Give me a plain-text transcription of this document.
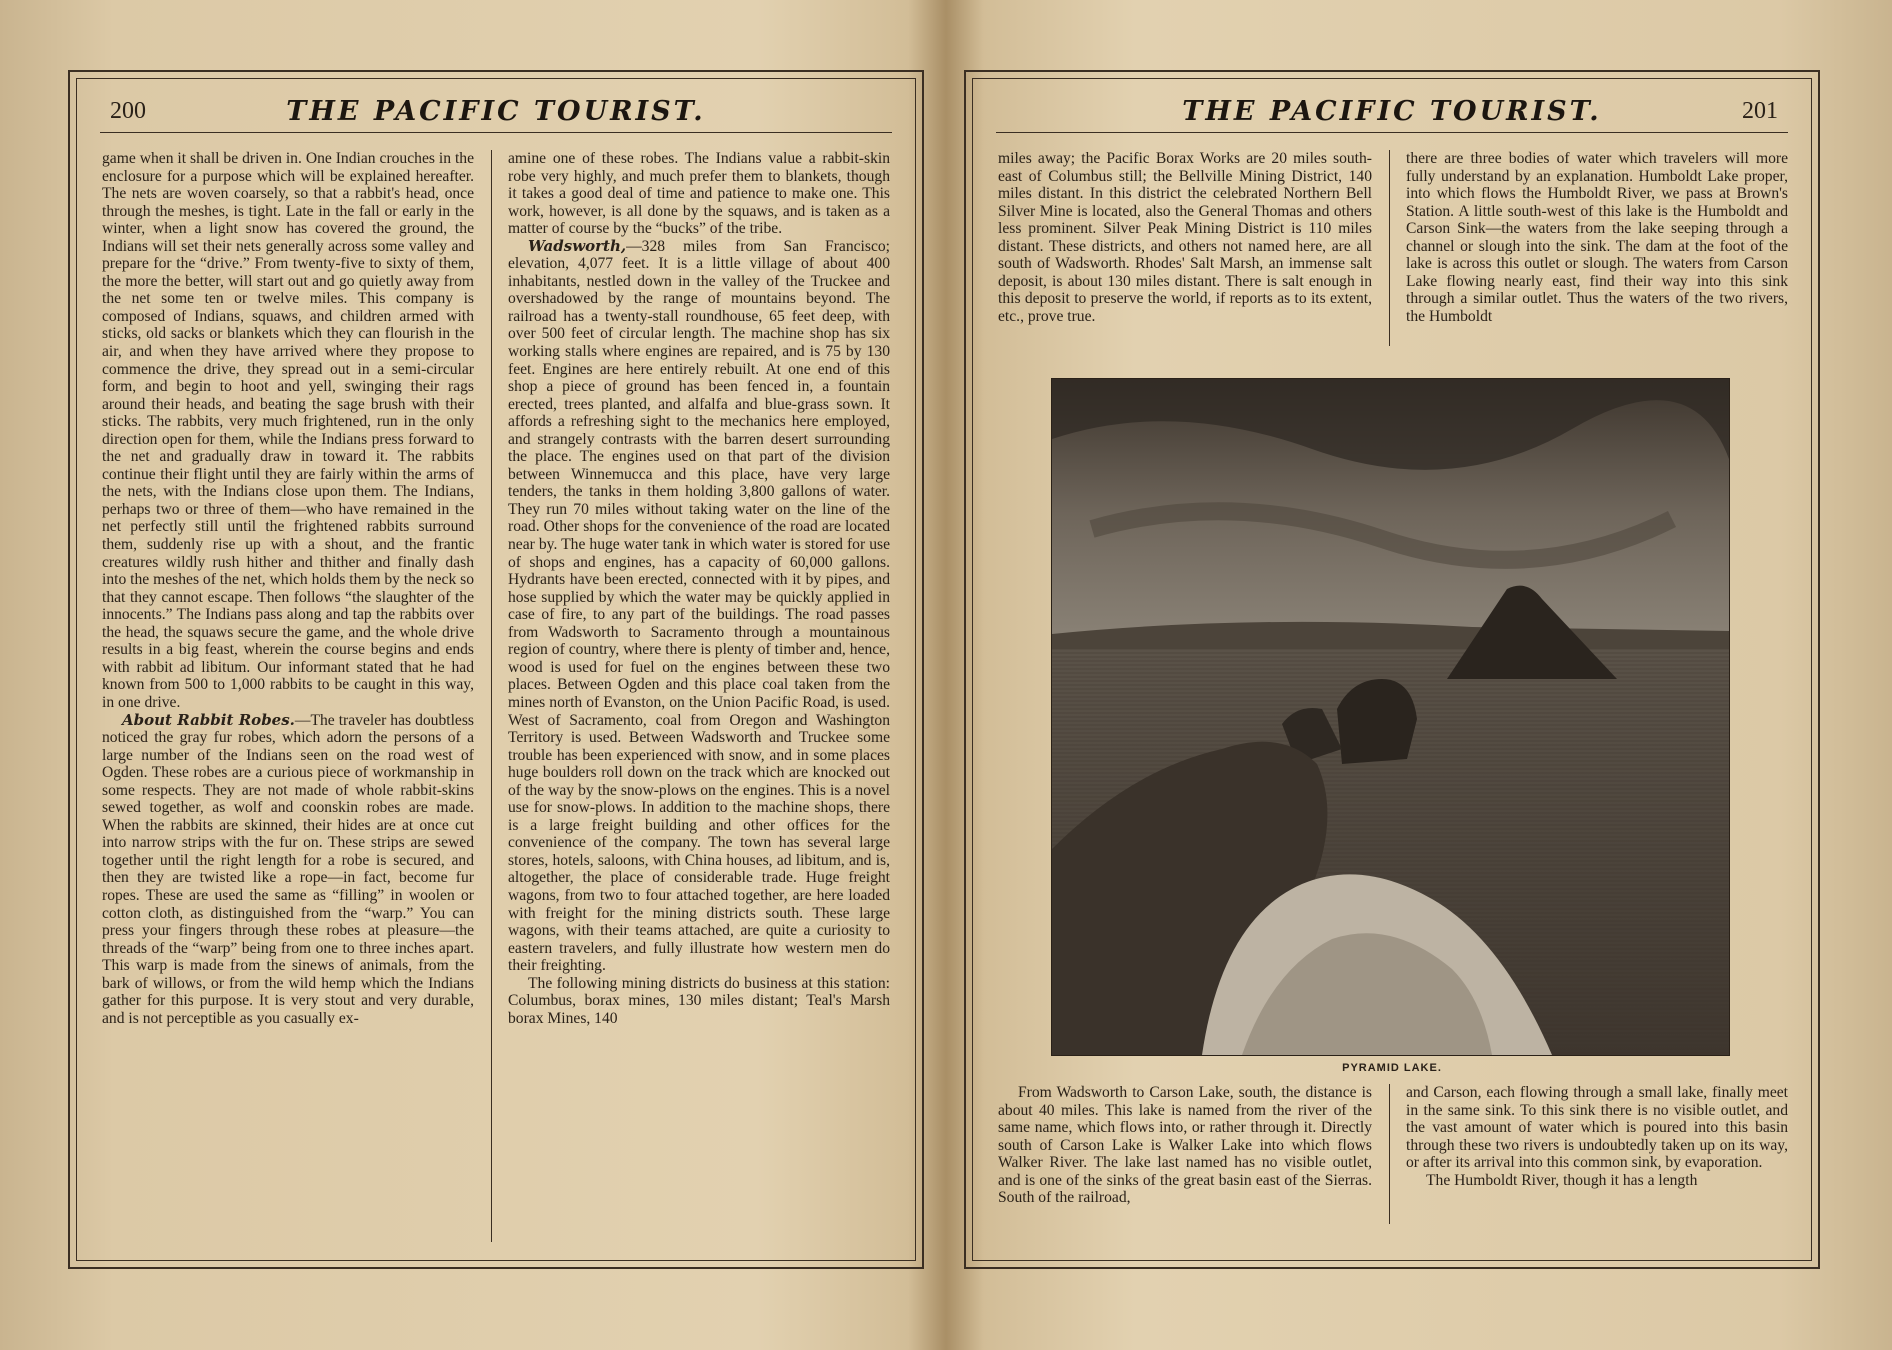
200	THE PACIFIC TOURIST.

game when it shall be driven in. One Indian crouches in the enclosure for a purpose which will be explained hereafter. The nets are woven coarsely, so that a rabbit's head, once through the meshes, is tight. Late in the fall or early in the winter, when a light snow has covered the ground, the Indians will set their nets generally across some valley and prepare for the “drive.” From twenty-five to sixty of them, the more the better, will start out and go quietly away from the net some ten or twelve miles. This company is composed of Indians, squaws, and children armed with sticks, old sacks or blankets which they can flourish in the air, and when they have arrived where they propose to commence the drive, they spread out in a semi-circular form, and begin to hoot and yell, swinging their rags around their heads, and beating the sage brush with their sticks. The rabbits, very much frightened, run in the only direction open for them, while the Indians press forward to the net and gradually draw in toward it. The rabbits continue their flight until they are fairly within the arms of the nets, with the Indians close upon them. The Indians, perhaps two or three of them—who have remained in the net perfectly still until the frightened rabbits surround them, suddenly rise up with a shout, and the frantic creatures wildly rush hither and thither and finally dash into the meshes of the net, which holds them by the neck so that they cannot escape. Then follows “the slaughter of the innocents.” The Indians pass along and tap the rabbits over the head, the squaws secure the game, and the whole drive results in a big feast, wherein the course begins and ends with rabbit ad libitum. Our informant stated that he had known from 500 to 1,000 rabbits to be caught in this way, in one drive.

About Rabbit Robes.—The traveler has doubtless noticed the gray fur robes, which adorn the persons of a large number of the Indians seen on the road west of Ogden. These robes are a curious piece of workmanship in some respects. They are not made of whole rabbit-skins sewed together, as wolf and coonskin robes are made. When the rabbits are skinned, their hides are at once cut into narrow strips with the fur on. These strips are sewed together until the right length for a robe is secured, and then they are twisted like a rope—in fact, become fur ropes. These are used the same as “filling” in woolen or cotton cloth, as distinguished from the “warp.” You can press your fingers through these robes at pleasure—the threads of the “warp” being from one to three inches apart. This warp is made from the sinews of animals, from the bark of willows, or from the wild hemp which the Indians gather for this purpose. It is very stout and very durable, and is not perceptible as you casually ex-

amine one of these robes. The Indians value a rabbit-skin robe very highly, and much prefer them to blankets, though it takes a good deal of time and patience to make one. This work, however, is all done by the squaws, and is taken as a matter of course by the “bucks” of the tribe.

Wadsworth,—328 miles from San Francisco; elevation, 4,077 feet. It is a little village of about 400 inhabitants, nestled down in the valley of the Truckee and overshadowed by the range of mountains beyond. The railroad has a twenty-stall roundhouse, 65 feet deep, with over 500 feet of circular length. The machine shop has six working stalls where engines are repaired, and is 75 by 130 feet. Engines are here entirely rebuilt. At one end of this shop a piece of ground has been fenced in, a fountain erected, trees planted, and alfalfa and blue-grass sown. It affords a refreshing sight to the mechanics here employed, and strangely contrasts with the barren desert surrounding the place. The engines used on that part of the division between Winnemucca and this place, have very large tenders, the tanks in them holding 3,800 gallons of water. They run 70 miles without taking water on the line of the road. Other shops for the convenience of the road are located near by. The huge water tank in which water is stored for use of shops and engines, has a capacity of 60,000 gallons. Hydrants have been erected, connected with it by pipes, and hose supplied by which the water may be quickly applied in case of fire, to any part of the buildings. The road passes from Wadsworth to Sacramento through a mountainous region of country, where there is plenty of timber and, hence, wood is used for fuel on the engines between these two places. Between Ogden and this place coal taken from the mines north of Evanston, on the Union Pacific Road, is used. West of Sacramento, coal from Oregon and Washington Territory is used. Between Wadsworth and Truckee some trouble has been experienced with snow, and in some places huge boulders roll down on the track which are knocked out of the way by the snow-plows on the engines. This is a novel use for snow-plows. In addition to the machine shops, there is a large freight building and other offices for the convenience of the company. The town has several large stores, hotels, saloons, with China houses, ad libitum, and is, altogether, the place of considerable trade. Huge freight wagons, from two to four attached together, are here loaded with freight for the mining districts south. These large wagons, with their teams attached, are quite a curiosity to eastern travelers, and fully illustrate how western men do their freighting.

The following mining districts do business at this station: Columbus, borax mines, 130 miles distant; Teal's Marsh borax Mines, 140

THE PACIFIC TOURIST.	201

miles away; the Pacific Borax Works are 20 miles south-east of Columbus still; the Bellville Mining District, 140 miles distant. In this district the celebrated Northern Bell Silver Mine is located, also the General Thomas and others less prominent. Silver Peak Mining District is 110 miles distant. These districts, and others not named here, are all south of Wadsworth. Rhodes' Salt Marsh, an immense salt deposit, is about 130 miles distant. There is salt enough in this deposit to preserve the world, if reports as to its extent, etc., prove true.

there are three bodies of water which travelers will more fully understand by an explanation. Humboldt Lake proper, into which flows the Humboldt River, we pass at Brown's Station. A little south-west of this lake is the Humboldt and Carson Sink—the waters from the lake seeping through a channel or slough into the sink. The dam at the foot of the lake is across this outlet or slough. The waters from Carson Lake flowing nearly east, find their way into this sink through a similar outlet. Thus the waters of the two rivers, the Humboldt

PYRAMID LAKE.

From Wadsworth to Carson Lake, south, the distance is about 40 miles. This lake is named from the river of the same name, which flows into, or rather through it. Directly south of Carson Lake is Walker Lake into which flows Walker River. The lake last named has no visible outlet, and is one of the sinks of the great basin east of the Sierras. South of the railroad,

and Carson, each flowing through a small lake, finally meet in the same sink. To this sink there is no visible outlet, and the vast amount of water which is poured into this basin through these two rivers is undoubtedly taken up on its way, or after its arrival into this common sink, by evaporation.

The Humboldt River, though it has a length
